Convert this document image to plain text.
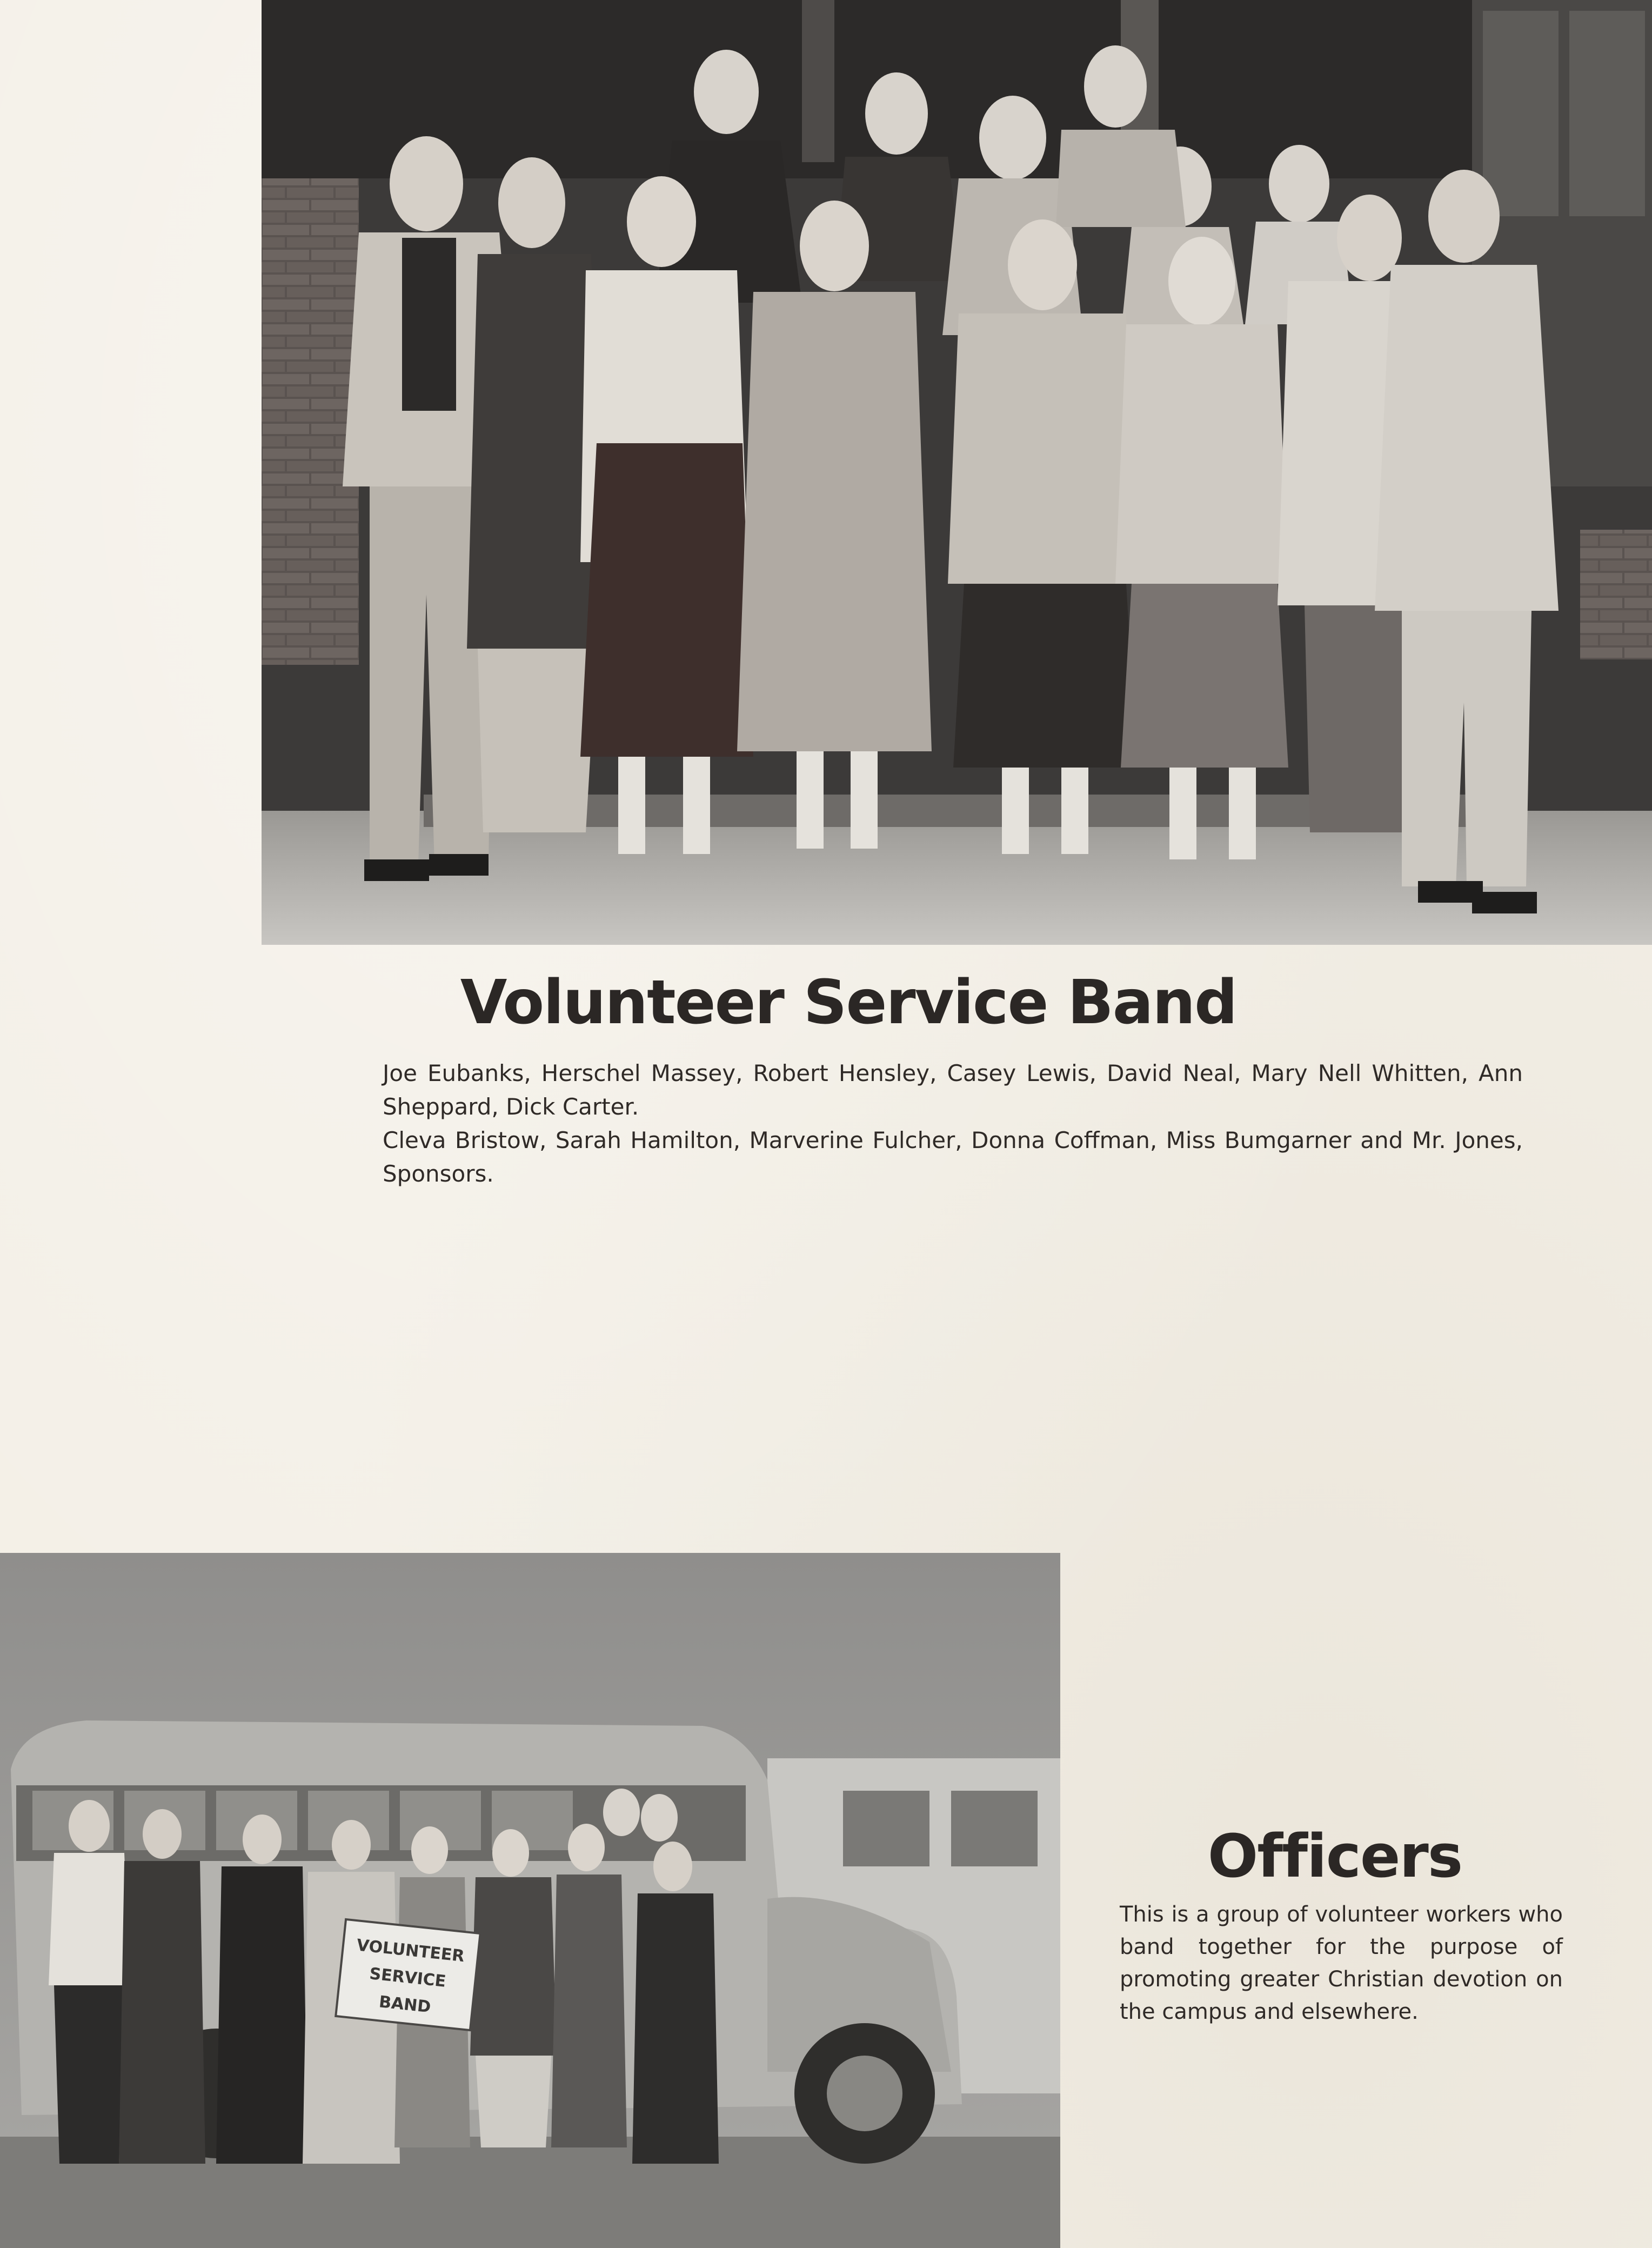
Volunteer Service Band

Joe Eubanks, Herschel Massey, Robert Hensley, Casey Lewis, David Neal, Mary Nell Whitten, Ann Sheppard, Dick Carter.

Cleva Bristow, Sarah Hamilton, Marverine Fulcher, Donna Coffman, Miss Bumgarner and Mr. Jones, Sponsors.

VOLUNTEER
SERVICE
BAND
Officers
This is a group of volunteer workers who band together for the purpose of promoting greater Christian devotion on the campus and elsewhere.
